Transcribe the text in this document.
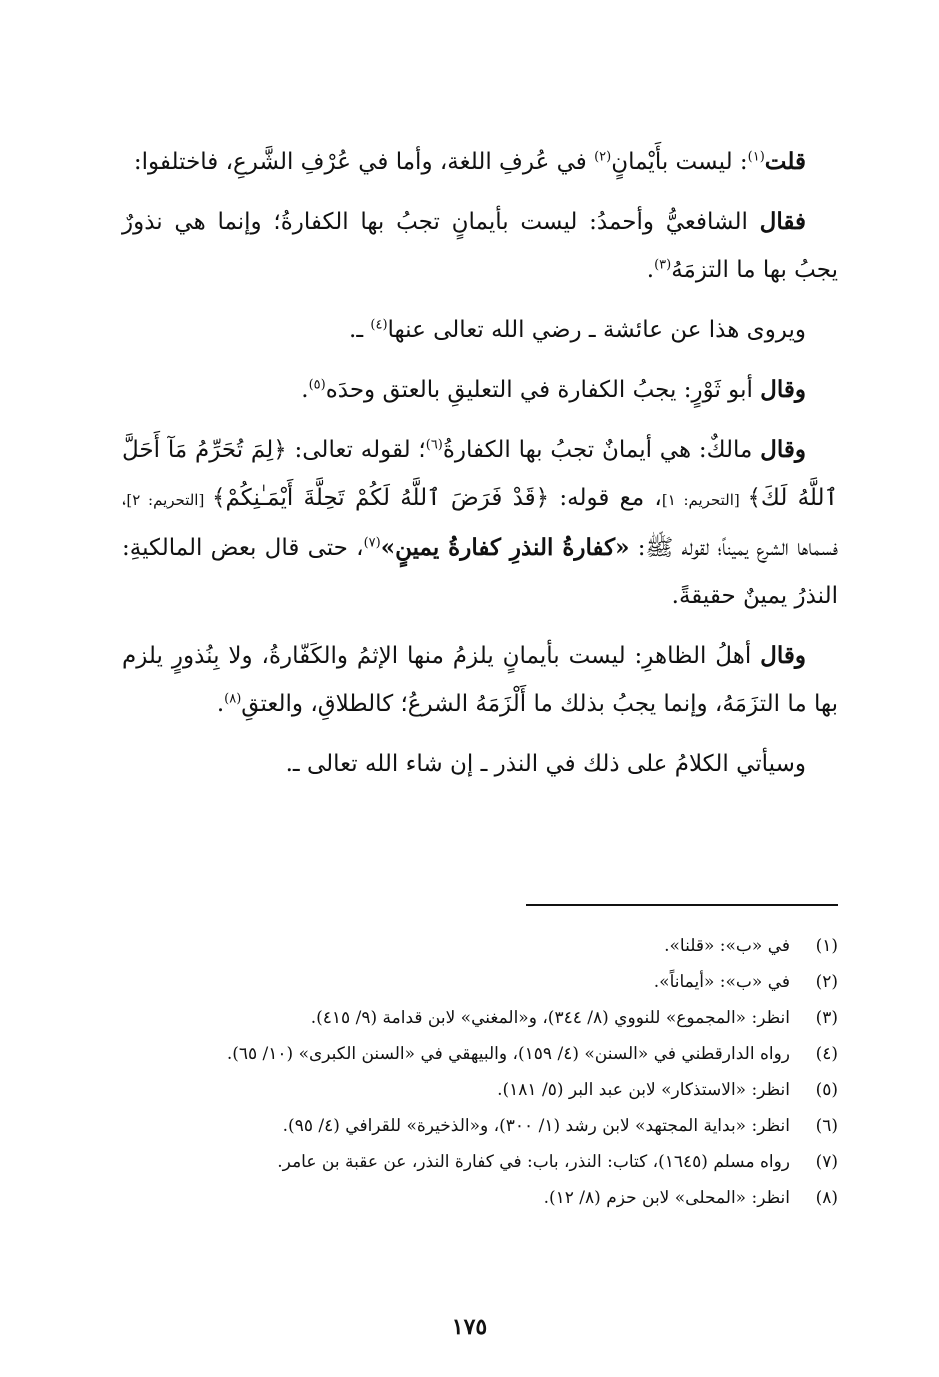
قلت$^{(١)}$: ليست بأَيْمانٍ$^{(٢)}$ في عُرفِ اللغة، وأما في عُرْفِ الشَّرعِ، فاختلفوا:

فقال الشافعيُّ وأحمدُ: ليست بأيمانٍ تجبُ بها الكفارةُ؛ وإنما هي نذورٌ يجبُ بها ما التزمَهُ$^{(٣)}$.

ويروى هذا عن عائشة ـ رضي الله تعالى عنها$^{(٤)}$ ـ.

وقال أبو ثَوْرٍ: يجبُ الكفارة في التعليقِ بالعتق وحدَه$^{(٥)}$.

وقال مالكٌ: هي أيمانٌ تجبُ بها الكفارةُ$^{(٦)}$؛ لقوله تعالى: ﴿لِمَ تُحَرِّمُ مَآ أَحَلَّ ٱللَّهُ لَكَ﴾ [التحريم: ١]، مع قوله: ﴿قَدْ فَرَضَ ٱللَّهُ لَكُمْ تَحِلَّةَ أَيْمَـٰنِكُمْ﴾ [التحريم: ٢]، فسماها الشرع يميناً؛ لقوله ﷺ: «كفارةُ النذرِ كفارةُ يمينٍ»$^{(٧)}$، حتى قال بعض المالكيةِ: النذرُ يمينٌ حقيقةً.

وقال أهلُ الظاهرِ: ليست بأيمانٍ يلزمُ منها الإثمُ والكَفّارةُ، ولا بِنُذورٍ يلزم بها ما التزَمَهُ، وإنما يجبُ بذلك ما أَلْزَمَهُ الشرعُ؛ كالطلاقِ، والعتقِ$^{(٨)}$.

وسيأتي الكلامُ على ذلك في النذر ـ إن شاء الله تعالى ـ.

(١)
في «ب»: «قلنا».
(٢)
في «ب»: «أيماناً».
(٣)
انظر: «المجموع» للنووي (٨/ ٣٤٤)، و«المغني» لابن قدامة (٩/ ٤١٥).
(٤)
رواه الدارقطني في «السنن» (٤/ ١٥٩)، والبيهقي في «السنن الكبرى» (١٠/ ٦٥).
(٥)
انظر: «الاستذكار» لابن عبد البر (٥/ ١٨١).
(٦)
انظر: «بداية المجتهد» لابن رشد (١/ ٣٠٠)، و«الذخيرة» للقرافي (٤/ ٩٥).
(٧)
رواه مسلم (١٦٤٥)، كتاب: النذر، باب: في كفارة النذر، عن عقبة بن عامر.
(٨)
انظر: «المحلى» لابن حزم (٨/ ١٢).
١٧٥
